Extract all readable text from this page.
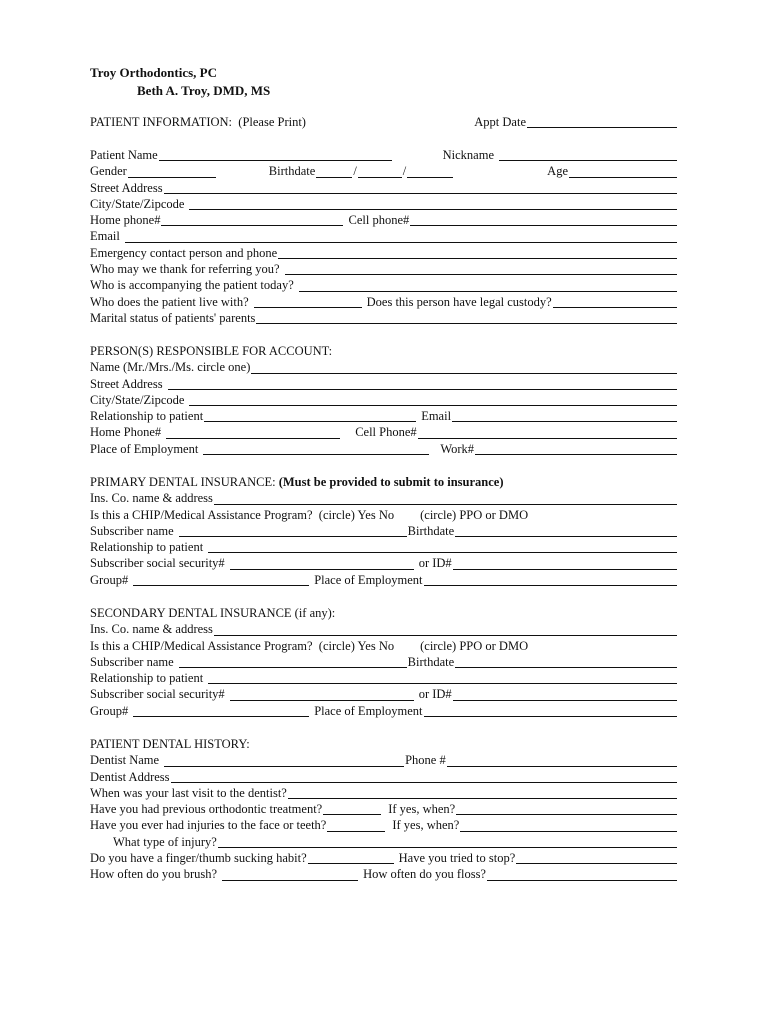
Troy Orthodontics, PC
Beth A. Troy, DMD, MS
PATIENT INFORMATION:  (Please Print)	Appt Date
Patient Name	Nickname
Gender	Birthdate	/	/	Age
Street Address
City/State/Zipcode
Home phone#	Cell phone#
Email
Emergency contact person and phone
Who may we thank for referring you?
Who is accompanying the patient today?
Who does the patient live with?	Does this person have legal custody?
Marital status of patients' parents
PERSON(S) RESPONSIBLE FOR ACCOUNT:
Name (Mr./Mrs./Ms. circle one)
Street Address
City/State/Zipcode
Relationship to patient	Email
Home Phone#	Cell Phone#
Place of Employment	Work#
PRIMARY DENTAL INSURANCE: (Must be provided to submit to insurance)
Ins. Co. name & address
Is this a CHIP/Medical Assistance Program?  (circle) Yes No (circle) PPO or DMO
Subscriber name	Birthdate
Relationship to patient
Subscriber social security#	or ID#
Group#	Place of Employment
SECONDARY DENTAL INSURANCE (if any):
Ins. Co. name & address
Is this a CHIP/Medical Assistance Program?  (circle) Yes No (circle) PPO or DMO
Subscriber name	Birthdate
Relationship to patient
Subscriber social security#	or ID#
Group#	Place of Employment
PATIENT DENTAL HISTORY:
Dentist Name	Phone #
Dentist Address
When was your last visit to the dentist?
Have you had previous orthodontic treatment?	If yes, when?
Have you ever had injuries to the face or teeth?	If yes, when?
What type of injury?
Do you have a finger/thumb sucking habit?	Have you tried to stop?
How often do you brush?	How often do you floss?
